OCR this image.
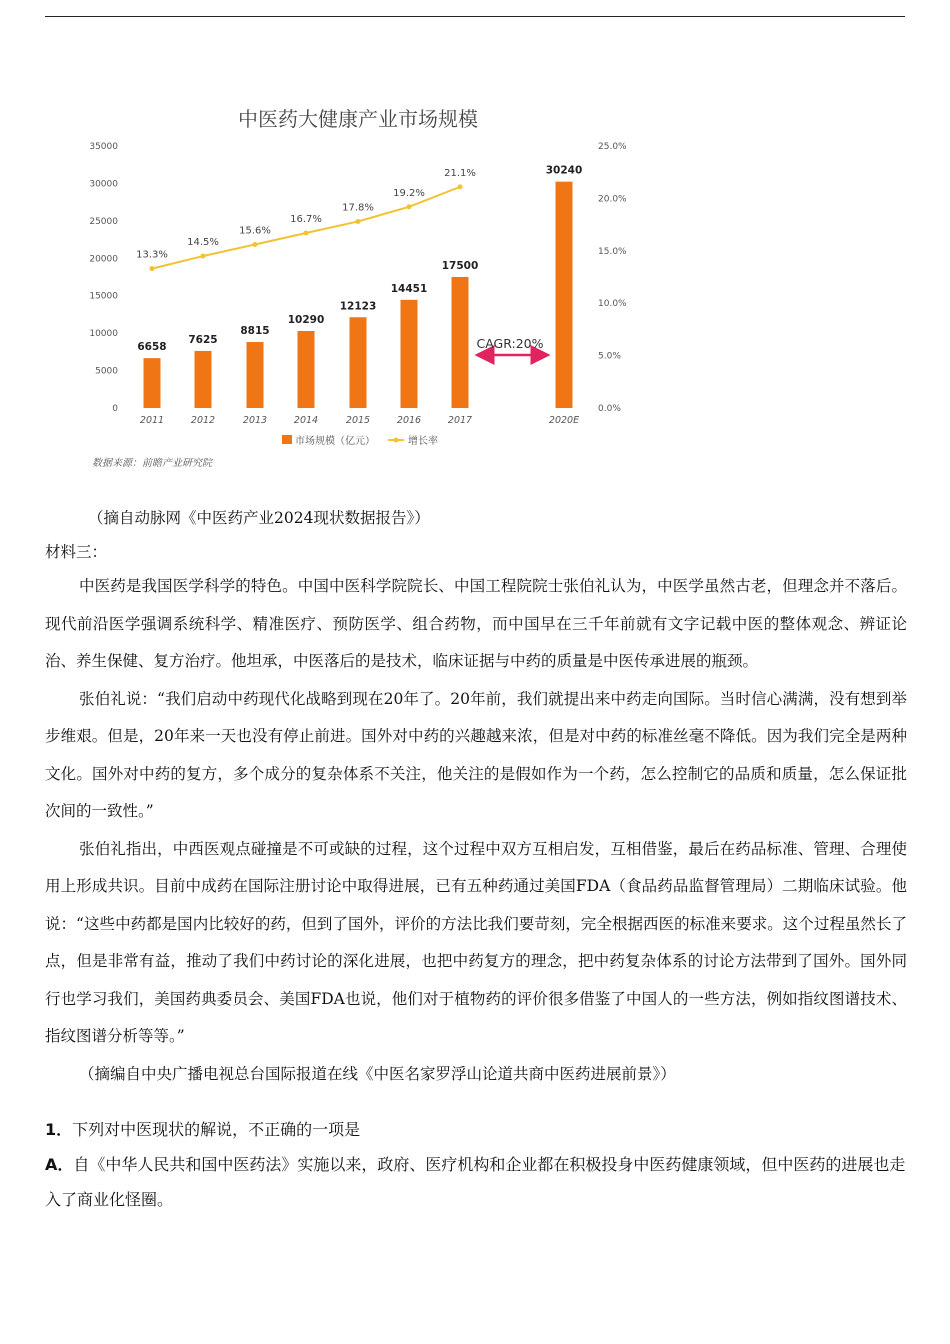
中医药大健康产业市场规模
35000
30000
25000
20000
15000
10000
5000
0
25.0%
20.0%
15.0%
10.0%
5.0%
0.0%
2011	2012	2013	2014	2015	2016	2017	2020E
6658
7625
8815
10290
12123
14451
17500
30240
13.3%
14.5%
15.6%
16.7%
17.8%
19.2%
21.1%
CAGR:20%
市场规模（亿元）	增长率
数据来源：前瞻产业研究院
（摘自动脉网《中医药产业2024现状数据报告》）
材料三：

中医药是我国医学科学的特色。中国中医科学院院长、中国工程院院士张伯礼认为，中医学虽然古老，但理念并不落后。现代前沿医学强调系统科学、精准医疗、预防医学、组合药物，而中国早在三千年前就有文字记载中医的整体观念、辨证论治、养生保健、复方治疗。他坦承，中医落后的是技术，临床证据与中药的质量是中医传承进展的瓶颈。

张伯礼说：“我们启动中药现代化战略到现在20年了。20年前，我们就提出来中药走向国际。当时信心满满，没有想到举步维艰。但是，20年来一天也没有停止前进。国外对中药的兴趣越来浓，但是对中药的标准丝毫不降低。因为我们完全是两种文化。国外对中药的复方，多个成分的复杂体系不关注，他关注的是假如作为一个药，怎么控制它的品质和质量，怎么保证批次间的一致性。”

张伯礼指出，中西医观点碰撞是不可或缺的过程，这个过程中双方互相启发，互相借鉴，最后在药品标准、管理、合理使用上形成共识。目前中成药在国际注册讨论中取得进展，已有五种药通过美国FDA（食品药品监督管理局）二期临床试验。他说：“这些中药都是国内比较好的药，但到了国外，评价的方法比我们要苛刻，完全根据西医的标准来要求。这个过程虽然长了点，但是非常有益，推动了我们中药讨论的深化进展，也把中药复方的理念，把中药复杂体系的讨论方法带到了国外。国外同行也学习我们，美国药典委员会、美国FDA也说，他们对于植物药的评价很多借鉴了中国人的一些方法，例如指纹图谱技术、指纹图谱分析等等。”

（摘编自中央广播电视总台国际报道在线《中医名家罗浮山论道共商中医药进展前景》）

1．下列对中医现状的解说，不正确的一项是

A．自《中华人民共和国中医药法》实施以来，政府、医疗机构和企业都在积极投身中医药健康领域，但中医药的进展也走入了商业化怪圈。
